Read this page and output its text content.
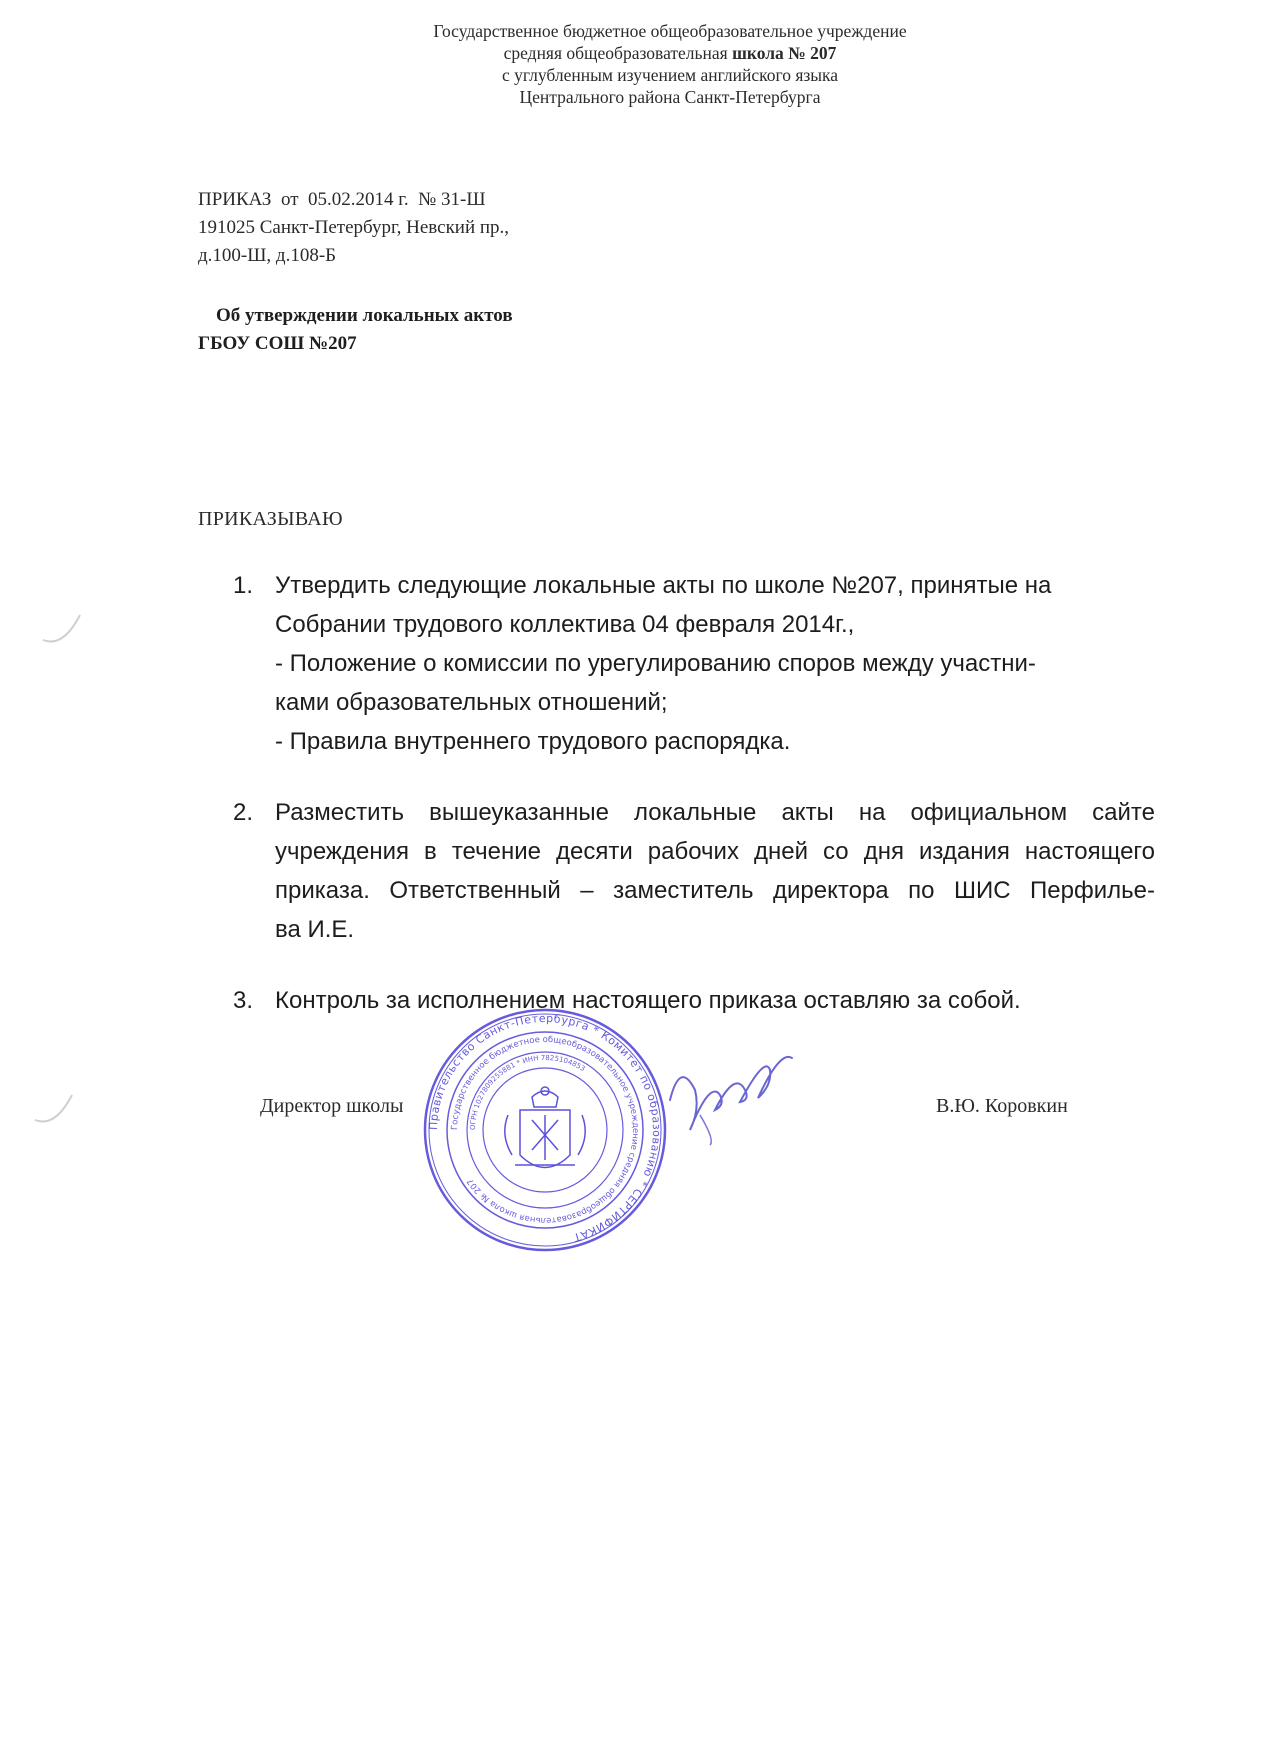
Государственное бюджетное общеобразовательное учреждение
средняя общеобразовательная школа № 207
с углубленным изучением английского языка
Центрального района Санкт-Петербурга
ПРИКАЗ  от  05.02.2014 г.  № 31-Ш
191025 Санкт-Петербург, Невский пр.,
д.100-Ш, д.108-Б
Об утверждении локальных актов
ГБОУ СОШ №207
ПРИКАЗЫВАЮ
1. Утвердить следующие локальные акты по школе №207, принятые на
Собрании трудового коллектива 04 февраля 2014г.,
- Положение о комиссии по урегулированию споров между участни-
ками образовательных отношений;
- Правила внутреннего трудового распорядка.
2. Разместить вышеуказанные локальные акты на официальном сайте
учреждения в течение десяти рабочих дней со дня издания настоящего
приказа. Ответственный – заместитель директора по ШИС Перфилье-
ва И.Е.
3. Контроль за исполнением настоящего приказа оставляю за собой.
Директор школы	В.Ю. Коровкин
Правительство Санкт-Петербурга * Комитет по образованию * СЕРТИФИКАТ
Государственное бюджетное общеобразовательное учреждение средняя общеобразовательная школа № 207
ОГРН 1027809255881 * ИНН 7825104853
